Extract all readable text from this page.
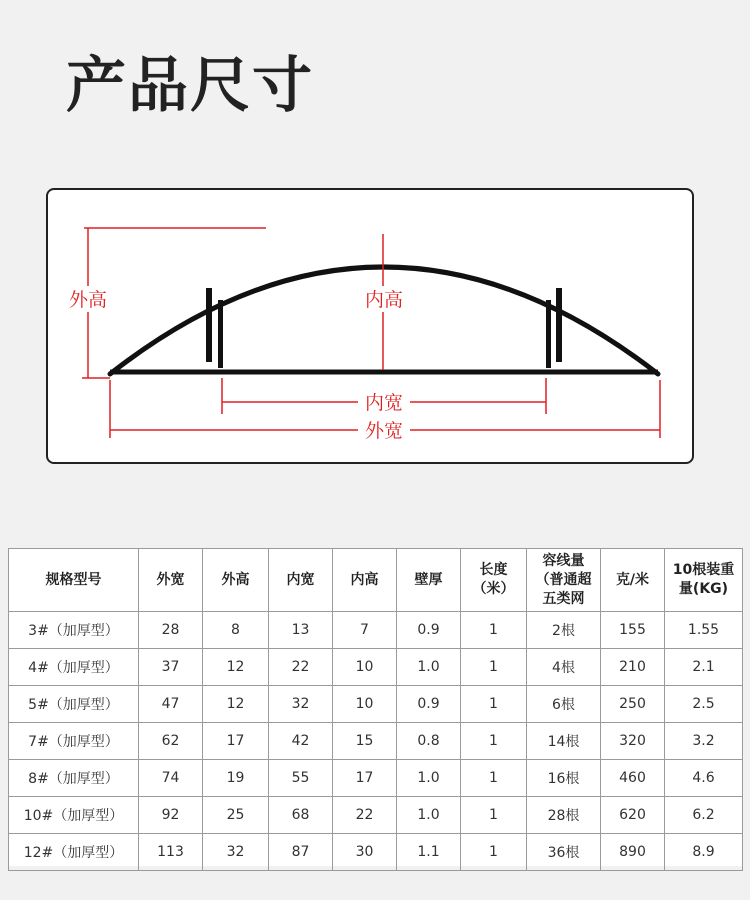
产品尺寸
外高	内高
内宽
外宽
规格型号	外宽	外高	内宽	内高	壁厚	长度（米）	容线量（普通超五类网	克/米	10根装重量(KG)
3#（加厚型）	28	8	13	7	0.9	1	2根	155	1.55
4#（加厚型）	37	12	22	10	1.0	1	4根	210	2.1
5#（加厚型）	47	12	32	10	0.9	1	6根	250	2.5
7#（加厚型）	62	17	42	15	0.8	1	14根	320	3.2
8#（加厚型）	74	19	55	17	1.0	1	16根	460	4.6
10#（加厚型）	92	25	68	22	1.0	1	28根	620	6.2
12#（加厚型）	113	32	87	30	1.1	1	36根	890	8.9
